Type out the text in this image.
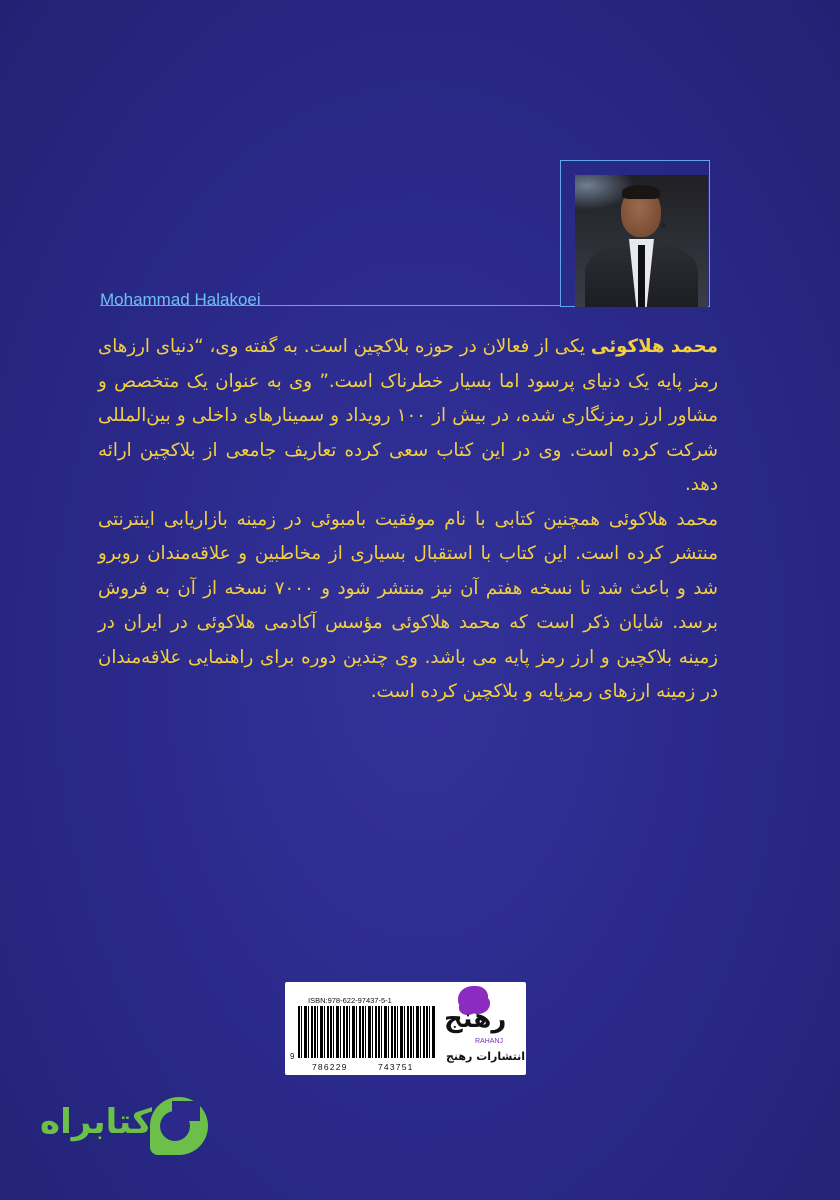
Mohammad Halakoei

محمد هلاکوئی یکی از فعالان در حوزه بلاکچین است. به گفته وی، “دنیای ارزهای رمز پایه یک دنیای پرسود اما بسیار خطرناک است.” وی به عنوان یک متخصص و مشاور ارز رمزنگاری شده، در بیش از ۱۰۰ رویداد و سمینارهای داخلی و بین‌المللی شرکت کرده است. وی در این کتاب سعی کرده تعاریف جامعی از بلاکچین ارائه دهد.

محمد هلاکوئی همچنین کتابی با نام موفقیت بامبوئی در زمینه بازاریابی اینترنتی منتشر کرده است. این کتاب با استقبال بسیاری از مخاطبین و علاقه‌مندان روبرو شد و باعث شد تا نسخه هفتم آن نیز منتشر شود و ۷۰۰۰ نسخه از آن به فروش برسد. شایان ذکر است که محمد هلاکوئی مؤسس آکادمی هلاکوئی در ایران در زمینه بلاکچین و ارز رمز پایه می باشد. وی چندین دوره برای راهنمایی علاقه‌مندان در زمینه ارزهای رمزپایه و بلاکچین کرده است.

ISBN:978-622-97437-5-1
9
786229	743751
رهنج
RAHANJ
انتشارات رهنج
کتابراه
